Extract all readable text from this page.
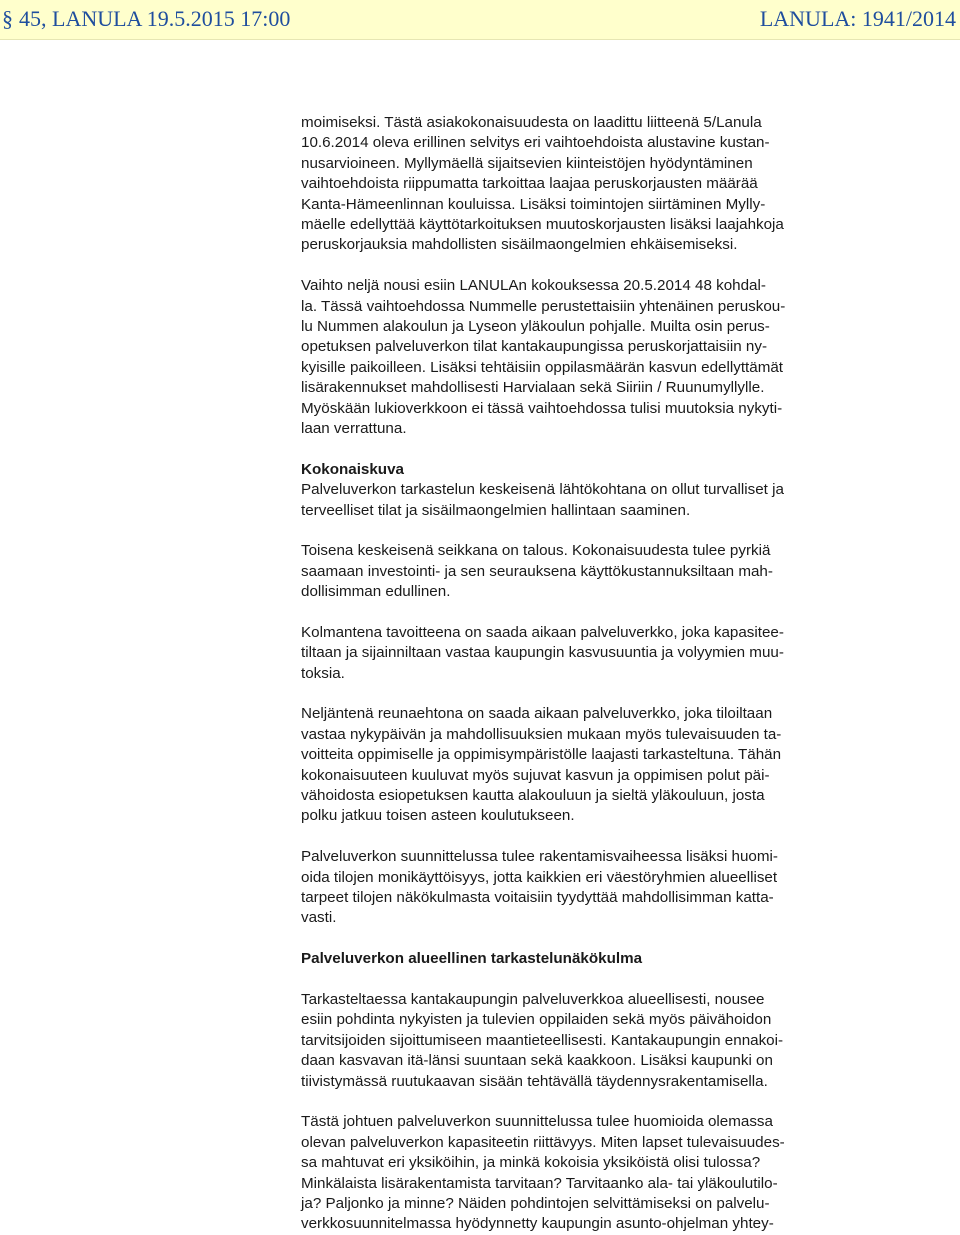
§ 45, LANULA 19.5.2015 17:00	LANULA: 1941/2014

moimiseksi. Tästä asiakokonaisuudesta on laadittu liitteenä 5/Lanula
10.6.2014 oleva erillinen selvitys eri vaihtoehdoista alustavine kustan-
nusarvioineen. Myllymäellä sijaitsevien kiinteistöjen hyödyntäminen
vaihtoehdoista riippumatta tarkoittaa laajaa peruskorjausten määrää
Kanta-Hämeenlinnan kouluissa. Lisäksi toimintojen siirtäminen Mylly-
mäelle edellyttää käyttötarkoituksen muutoskorjausten lisäksi laajahkoja
peruskorjauksia mahdollisten sisäilmaongelmien ehkäisemiseksi.

Vaihto neljä nousi esiin LANULAn kokouksessa 20.5.2014 48 kohdal-
la. Tässä vaihtoehdossa Nummelle perustettaisiin yhtenäinen peruskou-
lu Nummen alakoulun ja Lyseon yläkoulun pohjalle. Muilta osin perus-
opetuksen palveluverkon tilat kantakaupungissa peruskorjattaisiin ny-
kyisille paikoilleen. Lisäksi tehtäisiin oppilasmäärän kasvun edellyttämät
lisärakennukset mahdollisesti Harvialaan sekä Siiriin / Ruunumyllylle.
Myöskään lukioverkkoon ei tässä vaihtoehdossa tulisi muutoksia nykyti-
laan verrattuna.

Kokonaiskuva
Palveluverkon tarkastelun keskeisenä lähtökohtana on ollut turvalliset ja
terveelliset tilat ja sisäilmaongelmien hallintaan saaminen.

Toisena keskeisenä seikkana on talous. Kokonaisuudesta tulee pyrkiä
saamaan investointi- ja sen seurauksena käyttökustannuksiltaan mah-
dollisimman edullinen.

Kolmantena tavoitteena on saada aikaan palveluverkko, joka kapasitee-
tiltaan ja sijainniltaan vastaa kaupungin kasvusuuntia ja volyymien muu-
toksia.

Neljäntenä reunaehtona on saada aikaan palveluverkko, joka tiloiltaan
vastaa nykypäivän ja mahdollisuuksien mukaan myös tulevaisuuden ta-
voitteita oppimiselle ja oppimisympäristölle laajasti tarkasteltuna. Tähän
kokonaisuuteen kuuluvat myös sujuvat kasvun ja oppimisen polut päi-
vähoidosta esiopetuksen kautta alakouluun ja sieltä yläkouluun, josta
polku jatkuu toisen asteen koulutukseen.

Palveluverkon suunnittelussa tulee rakentamisvaiheessa lisäksi huomi-
oida tilojen monikäyttöisyys, jotta kaikkien eri väestöryhmien alueelliset
tarpeet tilojen näkökulmasta voitaisiin tyydyttää mahdollisimman katta-
vasti.

Palveluverkon alueellinen tarkastelunäkökulma

Tarkasteltaessa kantakaupungin palveluverkkoa alueellisesti, nousee
esiin pohdinta nykyisten ja tulevien oppilaiden sekä myös päivähoidon
tarvitsijoiden sijoittumiseen maantieteellisesti. Kantakaupungin ennakoi-
daan kasvavan itä-länsi suuntaan sekä kaakkoon. Lisäksi kaupunki on
tiivistymässä ruutukaavan sisään tehtävällä täydennysrakentamisella.

Tästä johtuen palveluverkon suunnittelussa tulee huomioida olemassa
olevan palveluverkon kapasiteetin riittävyys. Miten lapset tulevaisuudes-
sa mahtuvat eri yksiköihin, ja minkä kokoisia yksiköistä olisi tulossa?
Minkälaista lisärakentamista tarvitaan? Tarvitaanko ala- tai yläkoulutilo-
ja? Paljonko ja minne? Näiden pohdintojen selvittämiseksi on palvelu-
verkkosuunnitelmassa hyödynnetty kaupungin asunto-ohjelman yhtey-
